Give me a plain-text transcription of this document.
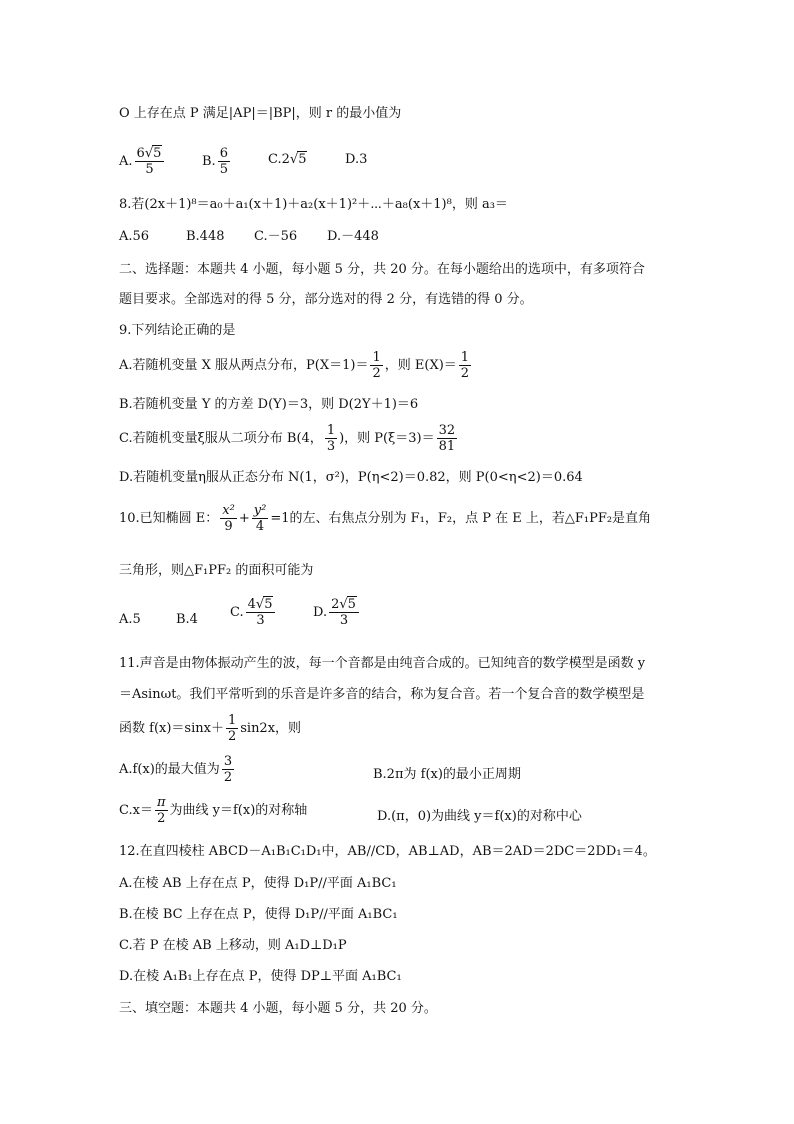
O 上存在点 P 满足|AP|＝|BP|，则 r 的最小值为
A. $\frac{6√5}{5}$	B. $\frac{6}{5}$	C.2√5	D.3
8.若(2x＋1)⁸＝a₀＋a₁(x＋1)＋a₂(x＋1)²＋⋯＋a₈(x＋1)⁸，则 a₃＝
A.56	B.448 C.－56 D.－448
二、选择题：本题共 4 小题，每小题 5 分，共 20 分。在每小题给出的选项中，有多项符合
题目要求。全部选对的得 5 分，部分选对的得 2 分，有选错的得 0 分。
9.下列结论正确的是
A.若随机变量 X 服从两点分布，$P(X=1)= \frac{1}{2}$ ，则 $E(X)= \frac{1}{2}$
B.若随机变量 Y 的方差 D(Y)＝3，则 D(2Y＋1)＝6
C.若随机变量ξ服从二项分布 B(4， $\frac{1}{3}$ )，则 $P(\xi=3)= \frac{32}{81}$
D.若随机变量η服从正态分布 N(1，σ²)，P(η<2)＝0.82，则 P(0<η<2)＝0.64
10.已知椭圆 E： $\frac{\text{x²}}{9} + \frac{\text{y²}}{4} =1$的左、右焦点分别为 F₁，F₂，点 P 在 E 上，若△F₁PF₂是直角
三角形，则△F₁PF₂ 的面积可能为
A.5	B.4 C. $\frac{4√5}{3}$	D. $\frac{2√5}{3}$
11.声音是由物体振动产生的波，每一个音都是由纯音合成的。已知纯音的数学模型是函数 y
＝Asinωt。我们平常听到的乐音是许多音的结合，称为复合音。若一个复合音的数学模型是
函数 $f(x)=\sin x+ \frac{1}{2} \sin 2x$，则
A.f(x)的最大值为 $\frac{3}{2}$	B.2π为 f(x)的最小正周期
$C.x= \frac{\pi}{2}$ 为曲线 y＝f(x)的对称轴	D.(π，0)为曲线 y＝f(x)的对称中心
12.在直四棱柱 ABCD－A₁B₁C₁D₁中，AB//CD，AB⊥AD，AB＝2AD＝2DC＝2DD₁＝4。
A.在棱 AB 上存在点 P，使得 D₁P//平面 A₁BC₁
B.在棱 BC 上存在点 P，使得 D₁P//平面 A₁BC₁
C.若 P 在棱 AB 上移动，则 A₁D⊥D₁P
D.在棱 A₁B₁上存在点 P，使得 DP⊥平面 A₁BC₁
三、填空题：本题共 4 小题，每小题 5 分，共 20 分。
